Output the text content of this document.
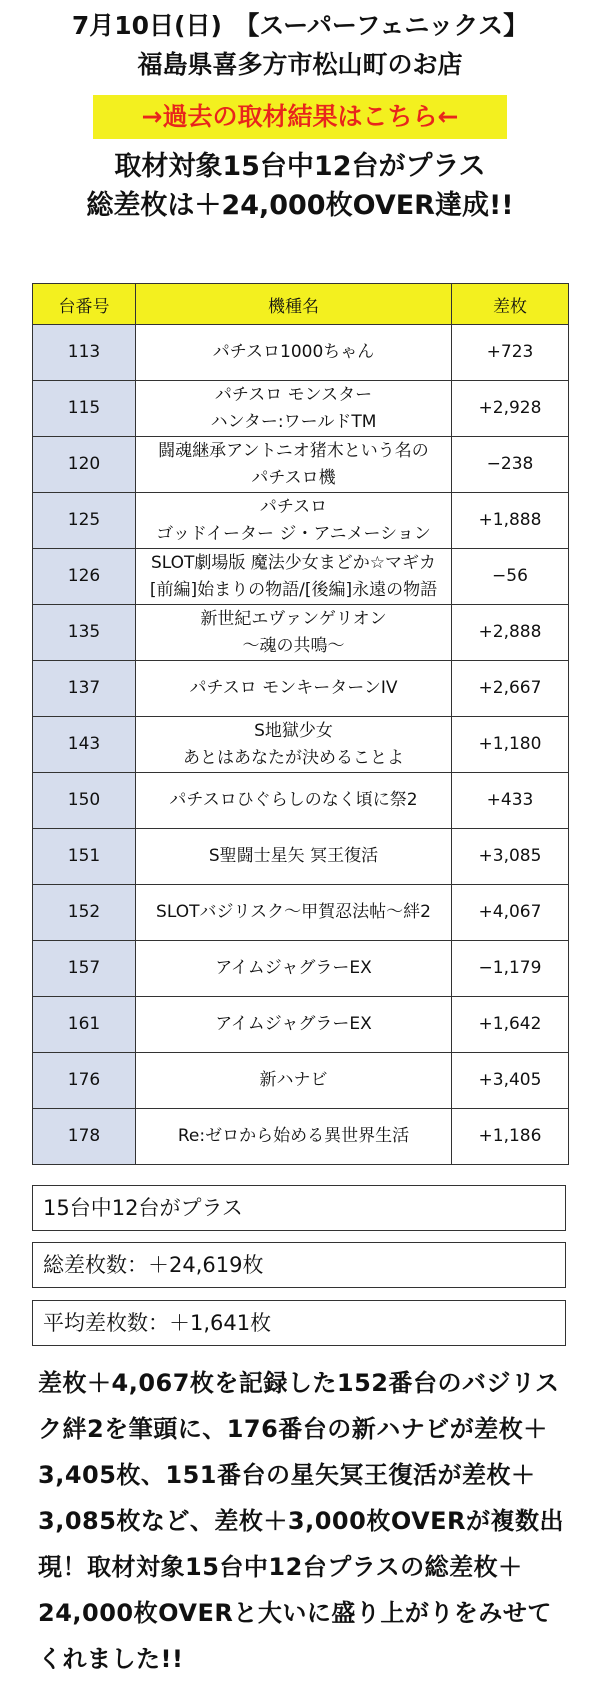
7月10日(日)　【スーパーフェニックス】
福島県喜多方市松山町のお店
→過去の取材結果はこちら←
取材対象15台中12台がプラス
総差枚は＋24,000枚OVER達成!!
台番号	機種名	差枚
113	パチスロ1000ちゃん	+723
115	パチスロ モンスター
ハンター:ワールドTM	+2,928
120	闘魂継承アントニオ猪木という名の
パチスロ機	−238
125	パチスロ
ゴッドイーター ジ・アニメーション	+1,888
126	SLOT劇場版 魔法少女まどか☆マギカ
[前編]始まりの物語/[後編]永遠の物語	−56
135	新世紀エヴァンゲリオン
〜魂の共鳴〜	+2,888
137	パチスロ モンキーターンIV	+2,667
143	S地獄少女
あとはあなたが決めることよ	+1,180
150	パチスロひぐらしのなく頃に祭2	+433
151	S聖闘士星矢 冥王復活	+3,085
152	SLOTバジリスク〜甲賀忍法帖〜絆2	+4,067
157	アイムジャグラーEX	−1,179
161	アイムジャグラーEX	+1,642
176	新ハナビ	+3,405
178	Re:ゼロから始める異世界生活	+1,186
15台中12台がプラス
総差枚数：＋24,619枚
平均差枚数：＋1,641枚
差枚＋4,067枚を記録した152番台のバジリスク絆2を筆頭に、176番台の新ハナビが差枚＋3,405枚、151番台の星矢冥王復活が差枚＋3,085枚など、差枚＋3,000枚OVERが複数出現！取材対象15台中12台プラスの総差枚＋24,000枚OVERと大いに盛り上がりをみせてくれました!!
